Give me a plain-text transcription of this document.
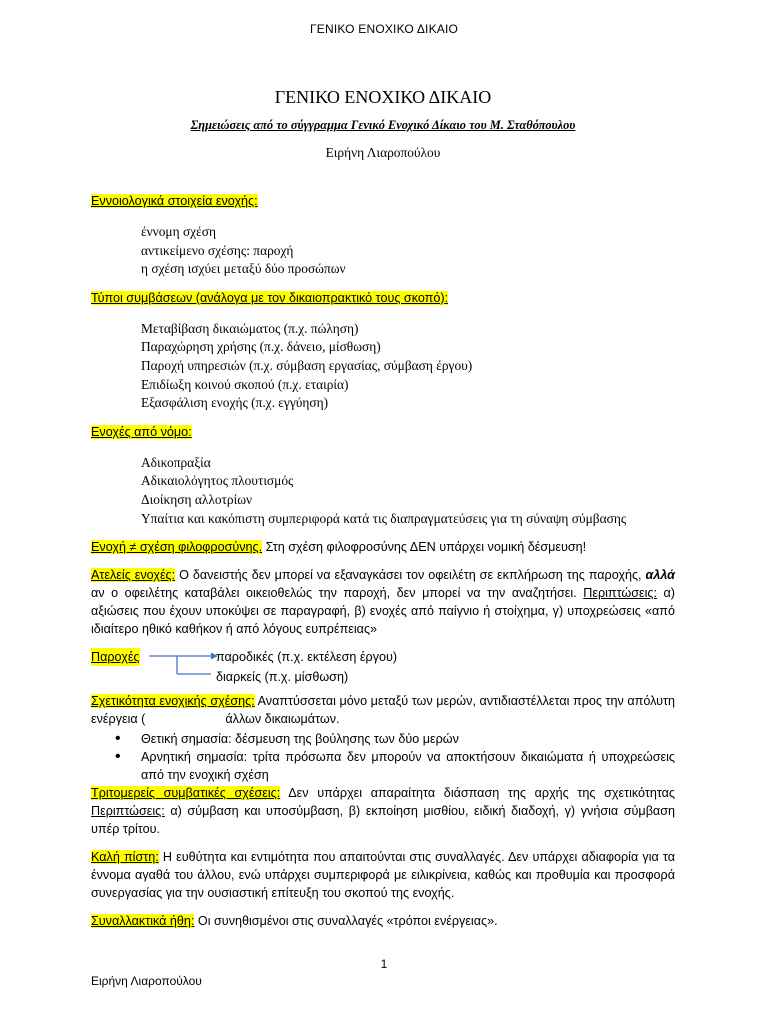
ΓΕΝΙΚΟ ΕΝΟΧΙΚΟ ΔΙΚΑΙΟ
ΓΕΝΙΚΟ ΕΝΟΧΙΚΟ ΔΙΚΑΙΟ
Σημειώσεις από το σύγγραμμα Γενικό Ενοχικό Δίκαιο του Μ. Σταθόπουλου
Ειρήνη Λιαροπούλου
Εννοιολογικά στοιχεία ενοχής:
έννομη σχέση
αντικείμενο σχέσης: παροχή
η σχέση ισχύει μεταξύ δύο προσώπων
Τύποι συμβάσεων (ανάλογα με τον δικαιοπρακτικό τους σκοπό):
Μεταβίβαση δικαιώματος (π.χ. πώληση)
Παραχώρηση χρήσης (π.χ. δάνειο, μίσθωση)
Παροχή υπηρεσιών (π.χ. σύμβαση εργασίας, σύμβαση έργου)
Επιδίωξη κοινού σκοπού (π.χ. εταιρία)
Εξασφάλιση ενοχής (π.χ. εγγύηση)
Ενοχές από νόμο:
Αδικοπραξία
Αδικαιολόγητος πλουτισμός
Διοίκηση αλλοτρίων
Υπαίτια και κακόπιστη συμπεριφορά κατά τις διαπραγματεύσεις για τη σύναψη σύμβασης
Ενοχή ≠ σχέση φιλοφροσύνης. Στη σχέση φιλοφροσύνης ΔΕΝ υπάρχει νομική δέσμευση!
Ατελείς ενοχές: Ο δανειστής δεν μπορεί να εξαναγκάσει τον οφειλέτη σε εκπλήρωση της παροχής, αλλά αν ο οφειλέτης καταβάλει οικειοθελώς την παροχή, δεν μπορεί να την αναζητήσει. Περιπτώσεις: α) αξιώσεις που έχουν υποκύψει σε παραγραφή, β) ενοχές από παίγνιο ή στοίχημα, γ) υποχρεώσεις «από ιδιαίτερο ηθικό καθήκον ή από λόγους ευπρέπειας»
Παροχές	παροδικές (π.χ. εκτέλεση έργου)
διαρκείς (π.χ. μίσθωση)
Σχετικότητα ενοχικής σχέσης: Αναπτύσσεται μόνο μεταξύ των μερών, αντιδιαστέλλεται προς την απόλυτη ενέργεια (	άλλων δικαιωμάτων.
• Θετική σημασία: δέσμευση της βούλησης των δύο μερών
• Αρνητική σημασία: τρίτα πρόσωπα δεν μπορούν να αποκτήσουν δικαιώματα ή υποχρεώσεις από την ενοχική σχέση
Τριτομερείς συμβατικές σχέσεις: Δεν υπάρχει απαραίτητα διάσπαση της αρχής της σχετικότητας Περιπτώσεις: α) σύμβαση και υποσύμβαση, β) εκποίηση μισθίου, ειδική διαδοχή, γ) γνήσια σύμβαση υπέρ τρίτου.
Καλή πίστη: Η ευθύτητα και εντιμότητα που απαιτούνται στις συναλλαγές. Δεν υπάρχει αδιαφορία για τα έννομα αγαθά του άλλου, ενώ υπάρχει συμπεριφορά με ειλικρίνεια, καθώς και προθυμία και προσφορά συνεργασίας για την ουσιαστική επίτευξη του σκοπού της ενοχής.
Συναλλακτικά ήθη: Οι συνηθισμένοι στις συναλλαγές «τρόποι ενέργειας».
1
Ειρήνη Λιαροπούλου
